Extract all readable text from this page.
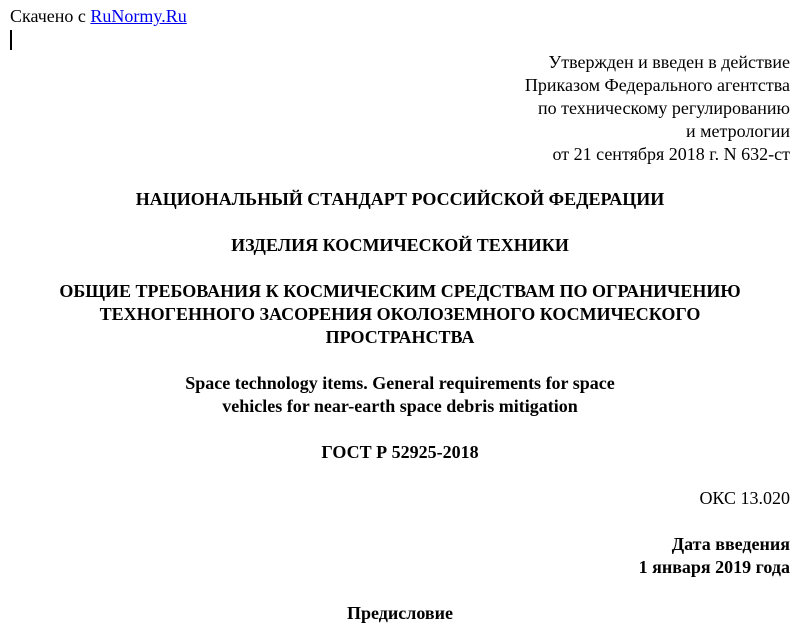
Скачено с RuNormy.Ru
Утвержден и введен в действие
Приказом Федерального агентства
по техническому регулированию
и метрологии
от 21 сентября 2018 г. N 632-ст
НАЦИОНАЛЬНЫЙ СТАНДАРТ РОССИЙСКОЙ ФЕДЕРАЦИИ
ИЗДЕЛИЯ КОСМИЧЕСКОЙ ТЕХНИКИ
ОБЩИЕ ТРЕБОВАНИЯ К КОСМИЧЕСКИМ СРЕДСТВАМ ПО ОГРАНИЧЕНИЮ
ТЕХНОГЕННОГО ЗАСОРЕНИЯ ОКОЛОЗЕМНОГО КОСМИЧЕСКОГО
ПРОСТРАНСТВА
Space technology items. General requirements for space
vehicles for near-earth space debris mitigation
ГОСТ Р 52925-2018
ОКС 13.020
Дата введения
1 января 2019 года
Предисловие
